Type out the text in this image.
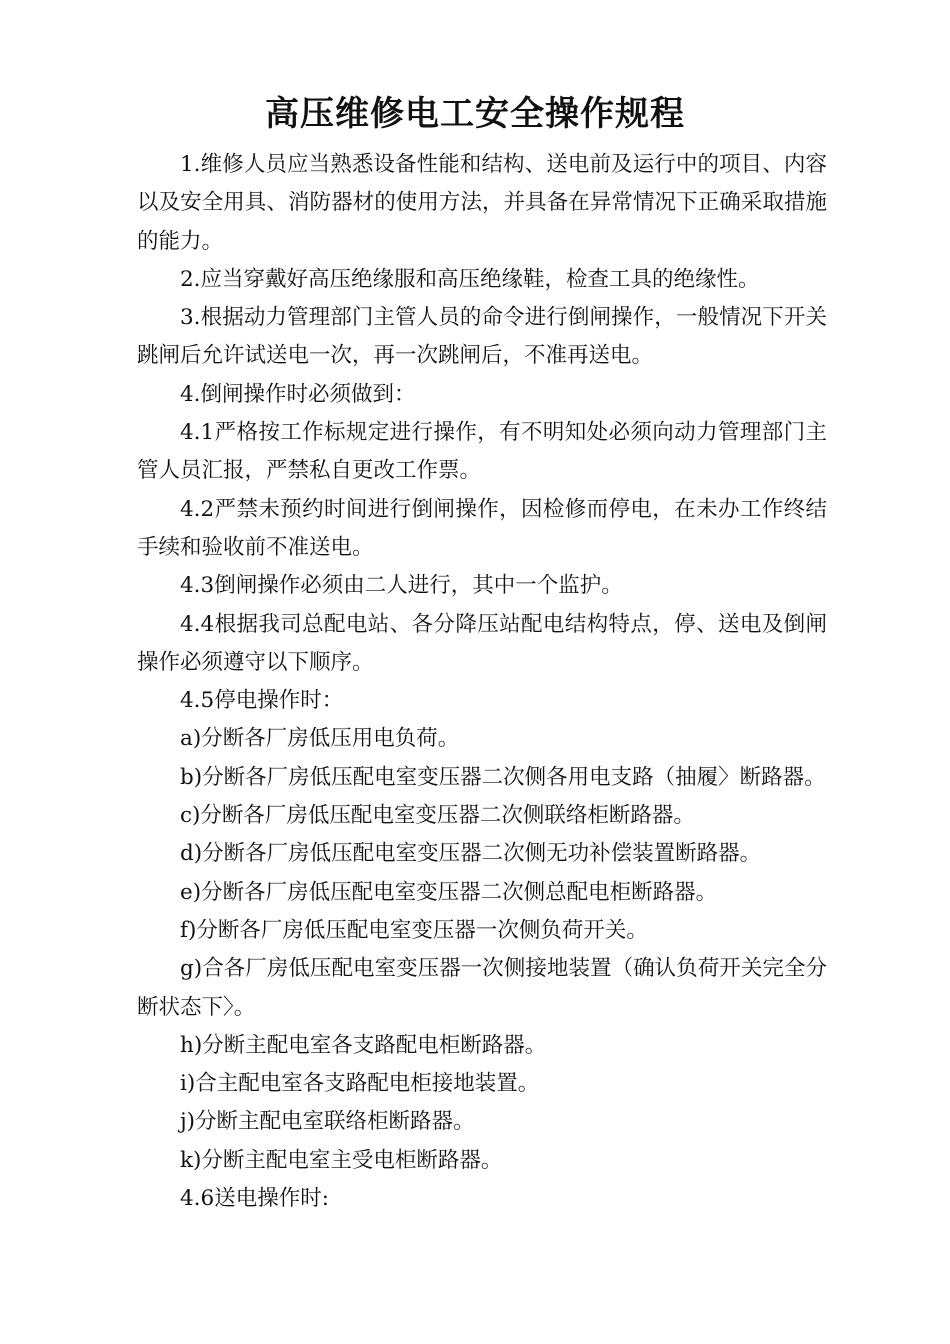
高压维修电工安全操作规程

1.维修人员应当熟悉设备性能和结构、送电前及运行中的项目、内容以及安全用具、消防器材的使用方法，并具备在异常情况下正确采取措施的能力。

2.应当穿戴好高压绝缘服和高压绝缘鞋，检查工具的绝缘性。

3.根据动力管理部门主管人员的命令进行倒闸操作，一般情况下开关跳闸后允许试送电一次，再一次跳闸后，不准再送电。

4.倒闸操作时必须做到：

4.1严格按工作标规定进行操作，有不明知处必须向动力管理部门主管人员汇报，严禁私自更改工作票。

4.2严禁未预约时间进行倒闸操作，因检修而停电，在未办工作终结手续和验收前不准送电。

4.3倒闸操作必须由二人进行，其中一个监护。

4.4根据我司总配电站、各分降压站配电结构特点，停、送电及倒闸操作必须遵守以下顺序。

4.5停电操作时：

a)分断各厂房低压用电负荷。

b)分断各厂房低压配电室变压器二次侧各用电支路（抽履〉断路器。

c)分断各厂房低压配电室变压器二次侧联络柜断路器。

d)分断各厂房低压配电室变压器二次侧无功补偿装置断路器。

e)分断各厂房低压配电室变压器二次侧总配电柜断路器。

f)分断各厂房低压配电室变压器一次侧负荷开关。

g)合各厂房低压配电室变压器一次侧接地装置（确认负荷开关完全分断状态下〉。

h)分断主配电室各支路配电柜断路器。

i)合主配电室各支路配电柜接地装置。

j)分断主配电室联络柜断路器。

k)分断主配电室主受电柜断路器。

4.6送电操作时:
